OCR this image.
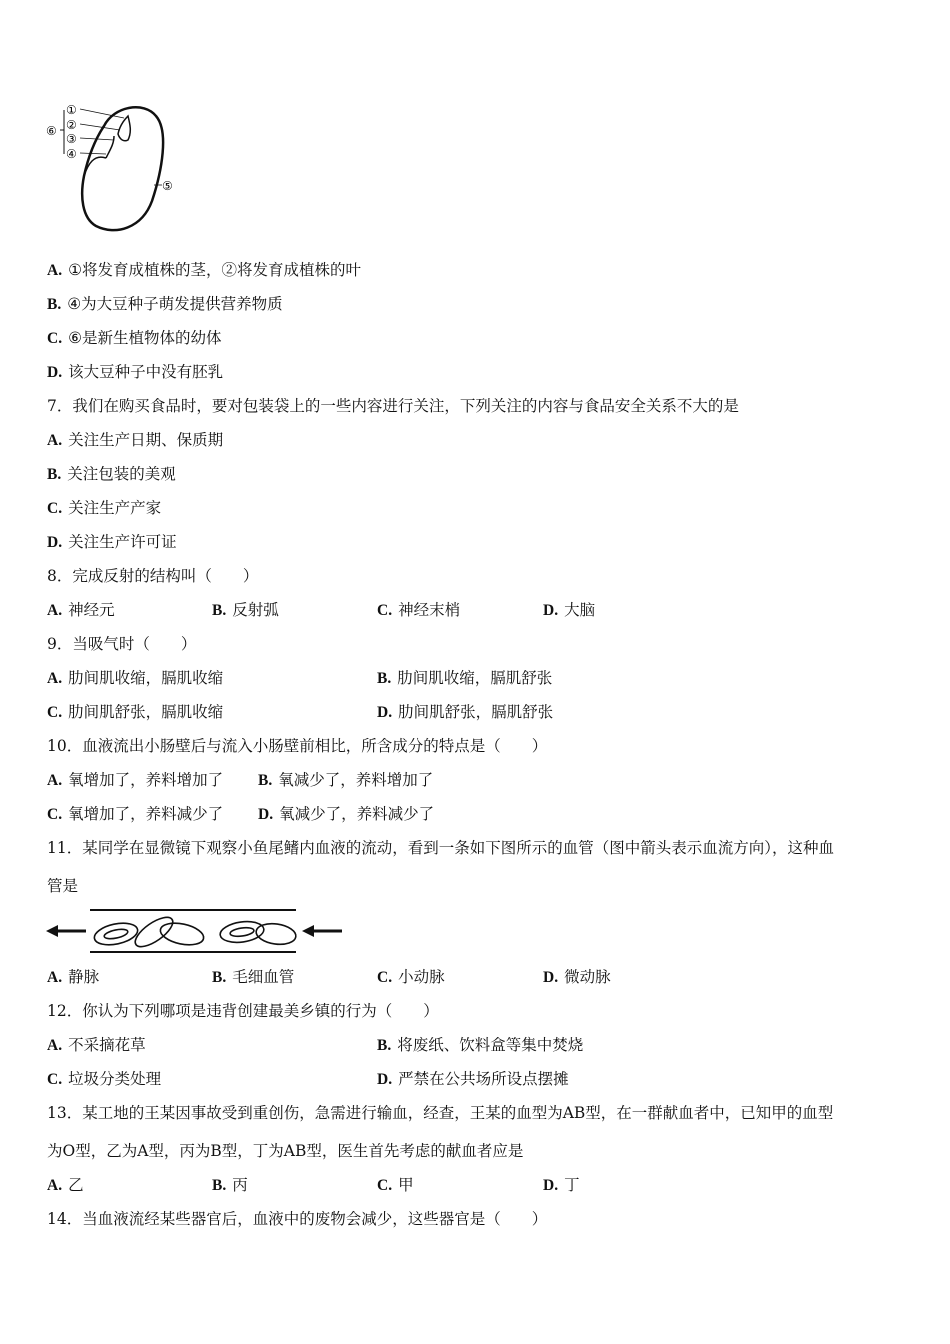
①
②
③
④
⑤
⑥
A. ①将发育成植株的茎，②将发育成植株的叶
B. ④为大豆种子萌发提供营养物质
C. ⑥是新生植物体的幼体
D. 该大豆种子中没有胚乳
7．我们在购买食品时，要对包装袋上的一些内容进行关注，下列关注的内容与食品安全关系不大的是
A. 关注生产日期、保质期
B. 关注包装的美观
C. 关注生产产家
D. 关注生产许可证
8．完成反射的结构叫（　　）
A. 神经元	B. 反射弧	C. 神经末梢	D. 大脑
9．当吸气时（　　）
A. 肋间肌收缩，膈肌收缩	B. 肋间肌收缩，膈肌舒张
C. 肋间肌舒张，膈肌收缩	D. 肋间肌舒张，膈肌舒张
10．血液流出小肠壁后与流入小肠壁前相比，所含成分的特点是（　　）
A. 氧增加了，养料增加了 B. 氧减少了，养料增加了
C. 氧增加了，养料减少了 D. 氧减少了，养料减少了
11．某同学在显微镜下观察小鱼尾鳍内血液的流动，看到一条如下图所示的血管（图中箭头表示血流方向），这种血
管是
A. 静脉	B. 毛细血管	C. 小动脉	D. 微动脉
12．你认为下列哪项是违背创建最美乡镇的行为（　　）
A. 不采摘花草	B. 将废纸、饮料盒等集中焚烧
C. 垃圾分类处理	D. 严禁在公共场所设点摆摊
13．某工地的王某因事故受到重创伤，急需进行输血，经查，王某的血型为AB型，在一群献血者中，已知甲的血型
为O型，乙为A型，丙为B型，丁为AB型，医生首先考虑的献血者应是
A. 乙	B. 丙	C. 甲	D. 丁
14．当血液流经某些器官后，血液中的废物会减少，这些器官是（　　）
